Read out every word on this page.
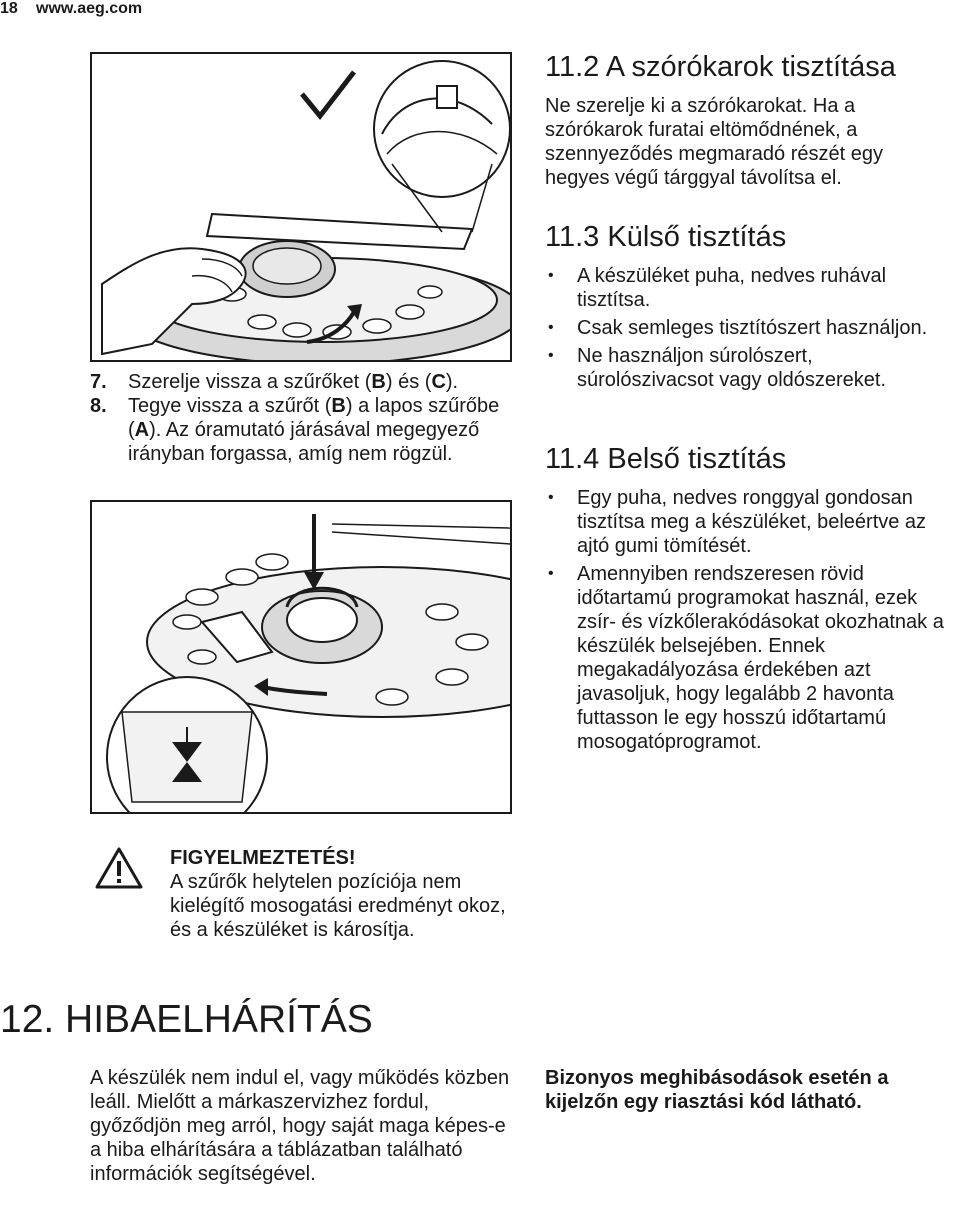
18 www.aeg.com
7. Szerelje vissza a szűrőket (B) és (C).
8. Tegye vissza a szűrőt (B) a lapos szűrőbe (A). Az óramutató járásával megegyező irányban forgassa, amíg nem rögzül.
11.2 A szórókarok tisztítása

Ne szerelje ki a szórókarokat. Ha a szórókarok furatai eltömődnének, a szennyeződés megmaradó részét egy hegyes végű tárggyal távolítsa el.

11.3 Külső tisztítás
• A készüléket puha, nedves ruhával tisztítsa.
• Csak semleges tisztítószert használjon.
• Ne használjon súrolószert, súrolószivacsot vagy oldószereket.
11.4 Belső tisztítás
• Egy puha, nedves ronggyal gondosan tisztítsa meg a készüléket, beleértve az ajtó gumi tömítését.
• Amennyiben rendszeresen rövid időtartamú programokat használ, ezek zsír- és vízkőlerakódásokat okozhatnak a készülék belsejében. Ennek megakadályozása érdekében azt javasoljuk, hogy legalább 2 havonta futtasson le egy hosszú időtartamú mosogatóprogramot.
FIGYELMEZTETÉS!
A szűrők helytelen pozíciója nem kielégítő mosogatási eredményt okoz, és a készüléket is károsítja.
12. HIBAELHÁRÍTÁS
A készülék nem indul el, vagy működés közben leáll. Mielőtt a márkaszervizhez fordul, győződjön meg arról, hogy saját maga képes-e a hiba elhárítására a táblázatban található információk segítségével.
Bizonyos meghibásodások esetén a kijelzőn egy riasztási kód látható.
